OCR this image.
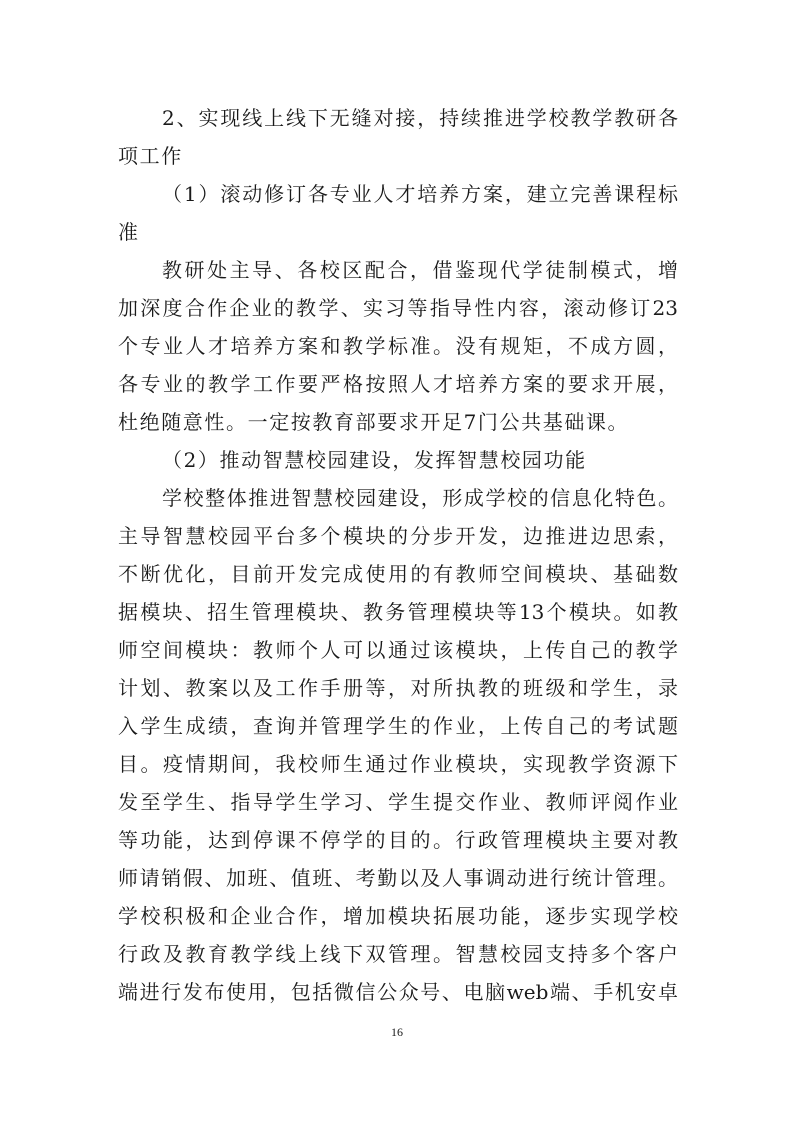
2、实现线上线下无缝对接，持续推进学校教学教研各
项工作
（1）滚动修订各专业人才培养方案，建立完善课程标
准
教研处主导、各校区配合，借鉴现代学徒制模式，增
加深度合作企业的教学、实习等指导性内容，滚动修订23
个专业人才培养方案和教学标准。没有规矩，不成方圆，
各专业的教学工作要严格按照人才培养方案的要求开展，
杜绝随意性。一定按教育部要求开足7门公共基础课。
（2）推动智慧校园建设，发挥智慧校园功能
学校整体推进智慧校园建设，形成学校的信息化特色。
主导智慧校园平台多个模块的分步开发，边推进边思索，
不断优化，目前开发完成使用的有教师空间模块、基础数
据模块、招生管理模块、教务管理模块等13个模块。如教
师空间模块：教师个人可以通过该模块，上传自己的教学
计划、教案以及工作手册等，对所执教的班级和学生，录
入学生成绩，查询并管理学生的作业，上传自己的考试题
目。疫情期间，我校师生通过作业模块，实现教学资源下
发至学生、指导学生学习、学生提交作业、教师评阅作业
等功能，达到停课不停学的目的。行政管理模块主要对教
师请销假、加班、值班、考勤以及人事调动进行统计管理。
学校积极和企业合作，增加模块拓展功能，逐步实现学校
行政及教育教学线上线下双管理。智慧校园支持多个客户
端进行发布使用，包括微信公众号、电脑web端、手机安卓
16
